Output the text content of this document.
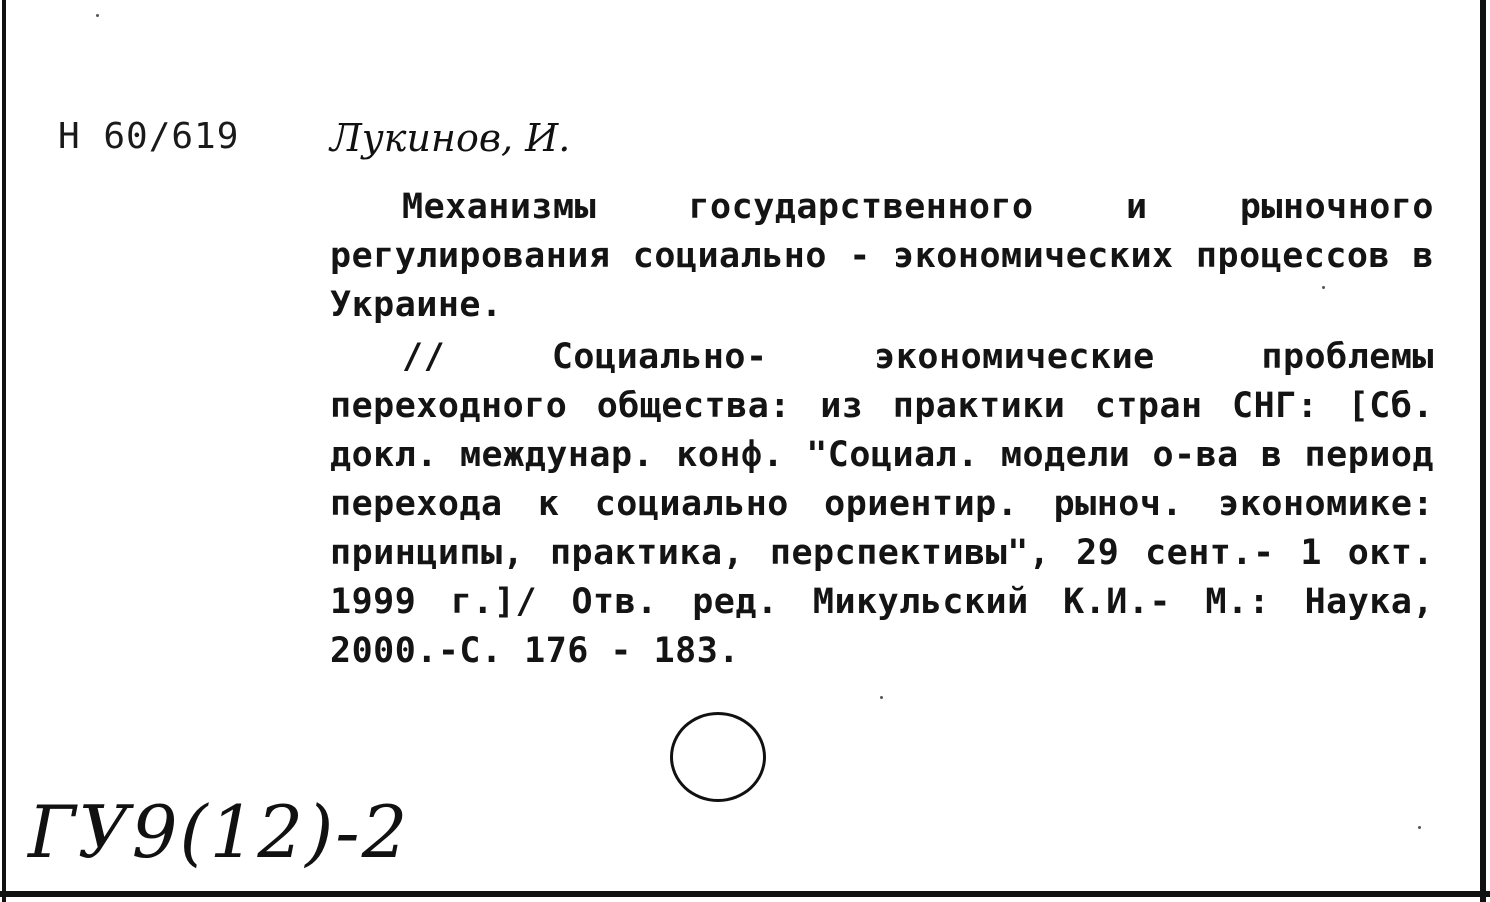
Н 60/619 Лукинов, И.
Механизмы государственного и рыночного регулирования социально - экономических процессов в Украине.
// Социально- экономические проблемы переходного общества: из практики стран СНГ: [Сб. докл. междунар. конф. "Социал. модели о-ва в период перехода к социально ориентир. рыноч. экономике: принципы, практика, перспективы", 29 сент.- 1 окт. 1999 г.]/ Отв. ред. Микульский К.И.- М.: Наука, 2000.-С. 176 - 183.
ГУ9(12)-2
